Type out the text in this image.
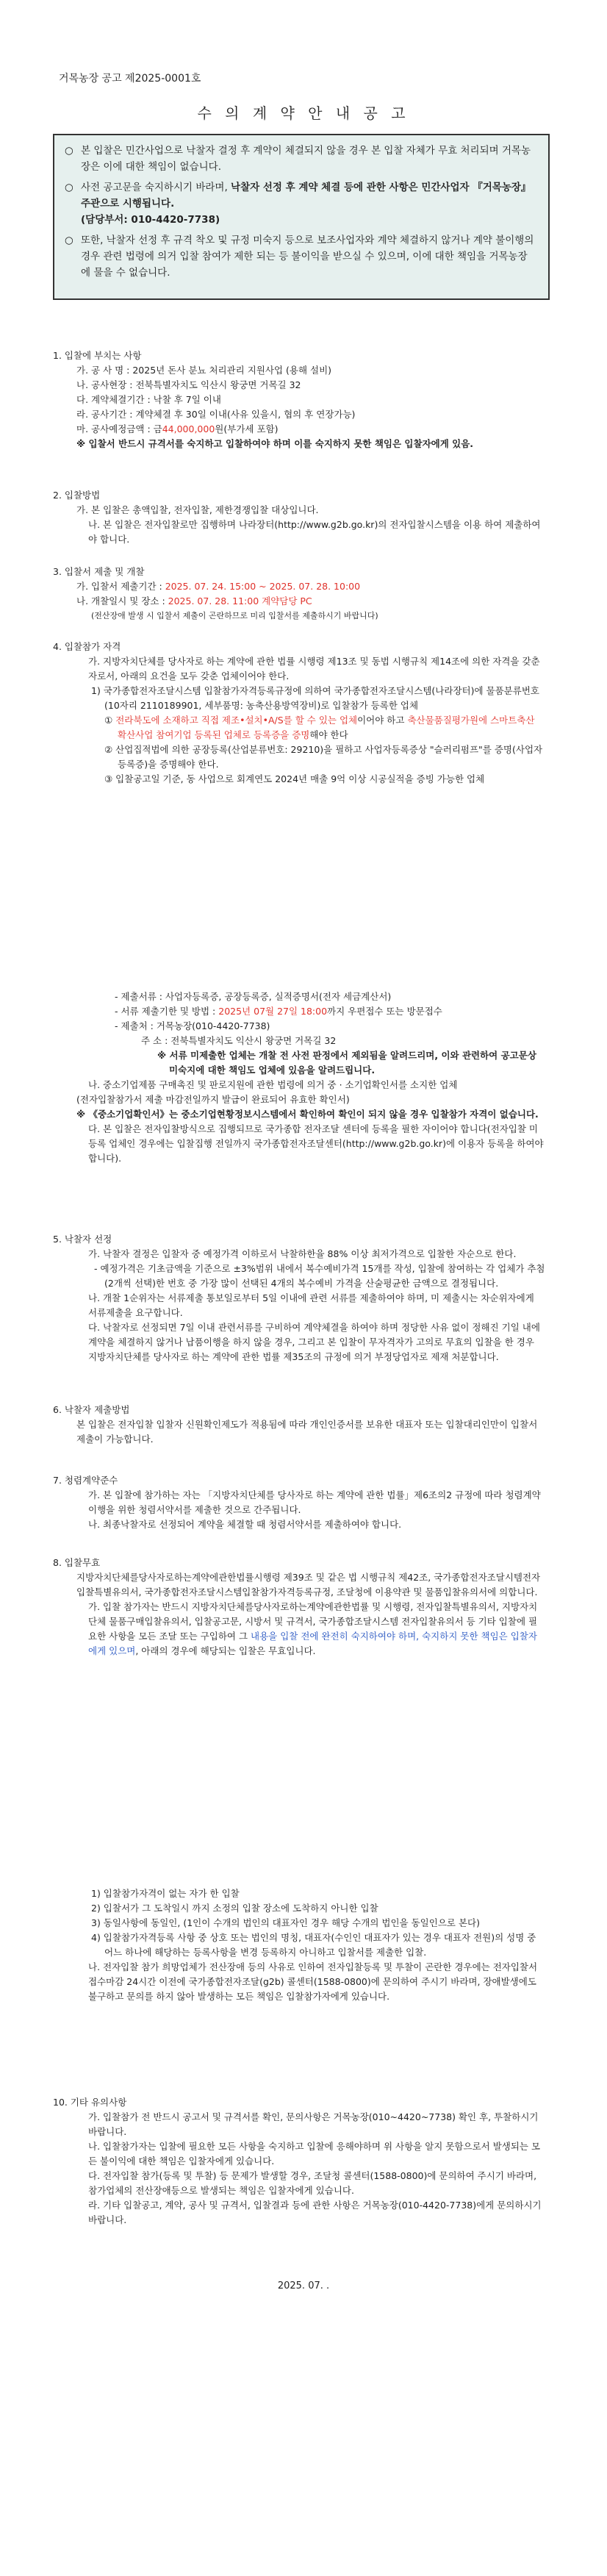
거목농장 공고 제2025-0001호
수 의 계 약 안 내 공 고

○ 본 입찰은 민간사업으로 낙찰자 결정 후 계약이 체결되지 않을 경우 본 입찰 자체가 무효 처리되며 거목농장은 이에 대한 책임이 없습니다.

○ 사전 공고문을 숙지하시기 바라며, 낙찰자 선정 후 계약 체결 등에 관한 사항은 민간사업자 『거목농장』 주관으로 시행됩니다.
(담당부서: 010-4420-7738)

○ 또한, 낙찰자 선정 후 규격 착오 및 규정 미숙지 등으로 보조사업자와 계약 체결하지 않거나 계약 불이행의 경우 관련 법령에 의거 입찰 참여가 제한 되는 등 불이익을 받으실 수 있으며, 이에 대한 책임을 거목농장에 물을 수 없습니다.

1. 입찰에 부치는 사항

가. 공 사 명 : 2025년 돈사 분뇨 처리관리 지원사업 (용해 설비)

나. 공사현장 : 전북특별자치도 익산시 왕궁면 거목길 32

다. 계약체결기간 : 낙찰 후 7일 이내

라. 공사기간 : 계약체결 후 30일 이내(사유 있을시, 협의 후 연장가능)

마. 공사예정금액 : 금44,000,000원(부가세 포함)

※ 입찰서 반드시 규격서를 숙지하고 입찰하여야 하며 이를 숙지하지 못한 책임은 입찰자에게 있음.

2. 입찰방법

가. 본 입찰은 총액입찰, 전자입찰, 제한경쟁입찰 대상입니다.

나. 본 입찰은 전자입찰로만 집행하며 나라장터(http://www.g2b.go.kr)의 전자입찰시스템을 이용 하여 제출하여야 합니다.

3. 입찰서 제출 및 개찰

가. 입찰서 제출기간 : 2025. 07. 24. 15:00 ~ 2025. 07. 28. 10:00

나. 개찰일시 및 장소 : 2025. 07. 28. 11:00 계약담당 PC

(전산장애 발생 시 입찰서 제출이 곤란하므로 미리 입찰서를 제출하시기 바랍니다)

4. 입찰참가 자격

가. 지방자치단체를 당사자로 하는 계약에 관한 법률 시행령 제13조 및 동법 시행규칙 제14조에 의한 자격을 갖춘 자로서, 아래의 요건을 모두 갖춘 업체이어야 한다.

1) 국가종합전자조달시스템 입찰참가자격등록규정에 의하여 국가종합전자조달시스템(나라장터)에 물품분류번호(10자리 2110189901, 세부품명: 농축산용방역장비)로 입찰참가 등록한 업체

① 전라북도에 소재하고 직접 제조•설치•A/S를 할 수 있는 업체이어야 하고 축산물품질평가원에 스마트축산 확산사업 참여기업 등록된 업체로 등록증을 증명해야 한다

② 산업집적법에 의한 공장등록(산업분류번호: 29210)을 필하고 사업자등록증상 "슬러리펌프"를 증명(사업자등록증)을 증명해야 한다.

③ 입찰공고일 기준, 동 사업으로 회계연도 2024년 매출 9억 이상 시공실적을 증빙 가능한 업체

- 제출서류 : 사업자등록증, 공장등록증, 실적증명서(전자 세금계산서)

- 서류 제출기한 및 방법 : 2025년 07월 27일 18:00까지 우편접수 또는 방문접수

- 제출처 : 거목농장(010-4420-7738)

주 소 : 전북특별자치도 익산시 왕궁면 거목길 32

※ 서류 미제출한 업체는 개찰 전 사전 판정에서 제외됨을 알려드리며, 이와 관련하여 공고문상 미숙지에 대한 책임도 업체에 있음을 알려드립니다.

나. 중소기업제품 구매촉진 및 판로지원에 관한 법령에 의거 중 · 소기업확인서를 소지한 업체

(전자입찰참가서 제출 마감전일까지 발급이 완료되어 유효한 확인서)

※ 《중소기업확인서》는 중소기업현황정보시스템에서 확인하여 확인이 되지 않을 경우 입찰참가 자격이 없습니다.

다. 본 입찰은 전자입찰방식으로 집행되므로 국가종합 전자조달 센터에 등록을 필한 자이어야 합니다(전자입찰 미등록 업체인 경우에는 입찰집행 전일까지 국가종합전자조달센터(http://www.g2b.go.kr)에 이용자 등록을 하여야 합니다).

5. 낙찰자 선정

가. 낙찰자 결정은 입찰자 중 예정가격 이하로서 낙찰하한율 88% 이상 최저가격으로 입찰한 자순으로 한다.

- 예정가격은 기초금액을 기준으로 ±3%범위 내에서 복수예비가격 15개를 작성, 입찰에 참여하는 각 업체가 추첨(2개씩 선택)한 번호 중 가장 많이 선택된 4개의 복수예비 가격을 산술평균한 금액으로 결정됩니다.

나. 개찰 1순위자는 서류제출 통보일로부터 5일 이내에 관련 서류를 제출하여야 하며, 미 제출시는 차순위자에게 서류제출을 요구합니다.

다. 낙찰자로 선정되면 7일 이내 관련서류를 구비하여 계약체결을 하여야 하며 정당한 사유 없이 정해진 기일 내에 계약을 체결하지 않거나 납품이행을 하지 않을 경우, 그리고 본 입찰이 무자격자가 고의로 무효의 입찰을 한 경우 지방자치단체를 당사자로 하는 계약에 관한 법률 제35조의 규정에 의거 부정당업자로 제재 처분합니다.

6. 낙찰자 제출방법

본 입찰은 전자입찰 입찰자 신원확인제도가 적용됨에 따라 개인인증서를 보유한 대표자 또는 입찰대리인만이 입찰서 제출이 가능합니다.

7. 청렴계약준수

가. 본 입찰에 참가하는 자는 「지방자치단체를 당사자로 하는 계약에 관한 법률」제6조의2 규정에 따라 청렴계약이행을 위한 청렴서약서를 제출한 것으로 간주됩니다.

나. 최종낙찰자로 선정되어 계약을 체결할 때 청렴서약서를 제출하여야 합니다.

8. 입찰무효

지방자치단체를당사자로하는계약에관한법률시행령 제39조 및 같은 법 시행규칙 제42조, 국가종합전자조달시템전자입찰특별유의서, 국가종합전자조달시스템입찰참가자격등록규정, 조달청에 이용약관 및 물품입찰유의서에 의합니다.

가. 입찰 참가자는 반드시 지방자치단체를당사자로하는계약에관한법률 및 시행령, 전자입찰특별유의서, 지방자치단체 물품구매입찰유의서, 입찰공고문, 시방서 및 규격서, 국가종합조달시스템 전자입찰유의서 등 기타 입찰에 필요한 사항을 모든 조달 또는 구입하여 그 내용을 입찰 전에 완전히 숙지하여야 하며, 숙지하지 못한 책임은 입찰자에게 있으며, 아래의 경우에 해당되는 입찰은 무효입니다.

1) 입찰참가자격이 없는 자가 한 입찰

2) 입찰서가 그 도착일시 까지 소정의 입찰 장소에 도착하지 아니한 입찰

3) 동일사항에 동일인, (1인이 수개의 법인의 대표자인 경우 해당 수개의 법인을 동일인으로 본다)

4) 입찰참가자격등록 사항 중 상호 또는 법인의 명칭, 대표자(수인인 대표자가 있는 경우 대표자 전원)의 성명 중 어느 하나에 해당하는 등록사항을 변경 등록하지 아니하고 입찰서를 제출한 입찰.

나. 전자입찰 참가 희망업체가 전산장애 등의 사유로 인하여 전자입찰등록 및 투찰이 곤란한 경우에는 전자입찰서 접수마감 24시간 이전에 국가종합전자조달(g2b) 콜센터(1588-0800)에 문의하여 주시기 바라며, 장애발생에도 불구하고 문의를 하지 않아 발생하는 모든 책임은 입찰참가자에게 있습니다.

10. 기타 유의사항

가. 입찰참가 전 반드시 공고서 및 규격서를 확인, 문의사항은 거목농장(010~4420~7738) 확인 후, 투찰하시기 바랍니다.

나. 입찰참가자는 입찰에 필요한 모든 사항을 숙지하고 입찰에 응해야하며 위 사항을 알지 못함으로서 발생되는 모든 불이익에 대한 책임은 입찰자에게 있습니다.

다. 전자입찰 참가(등록 및 투찰) 등 문제가 발생할 경우, 조달청 콜센터(1588-0800)에 문의하여 주시기 바라며, 참가업체의 전산장애등으로 발생되는 책임은 입찰자에게 있습니다.

라. 기타 입찰공고, 계약, 공사 및 규격서, 입찰결과 등에 관한 사항은 거목농장(010-4420-7738)에게 문의하시기 바랍니다.

2025. 07. .
